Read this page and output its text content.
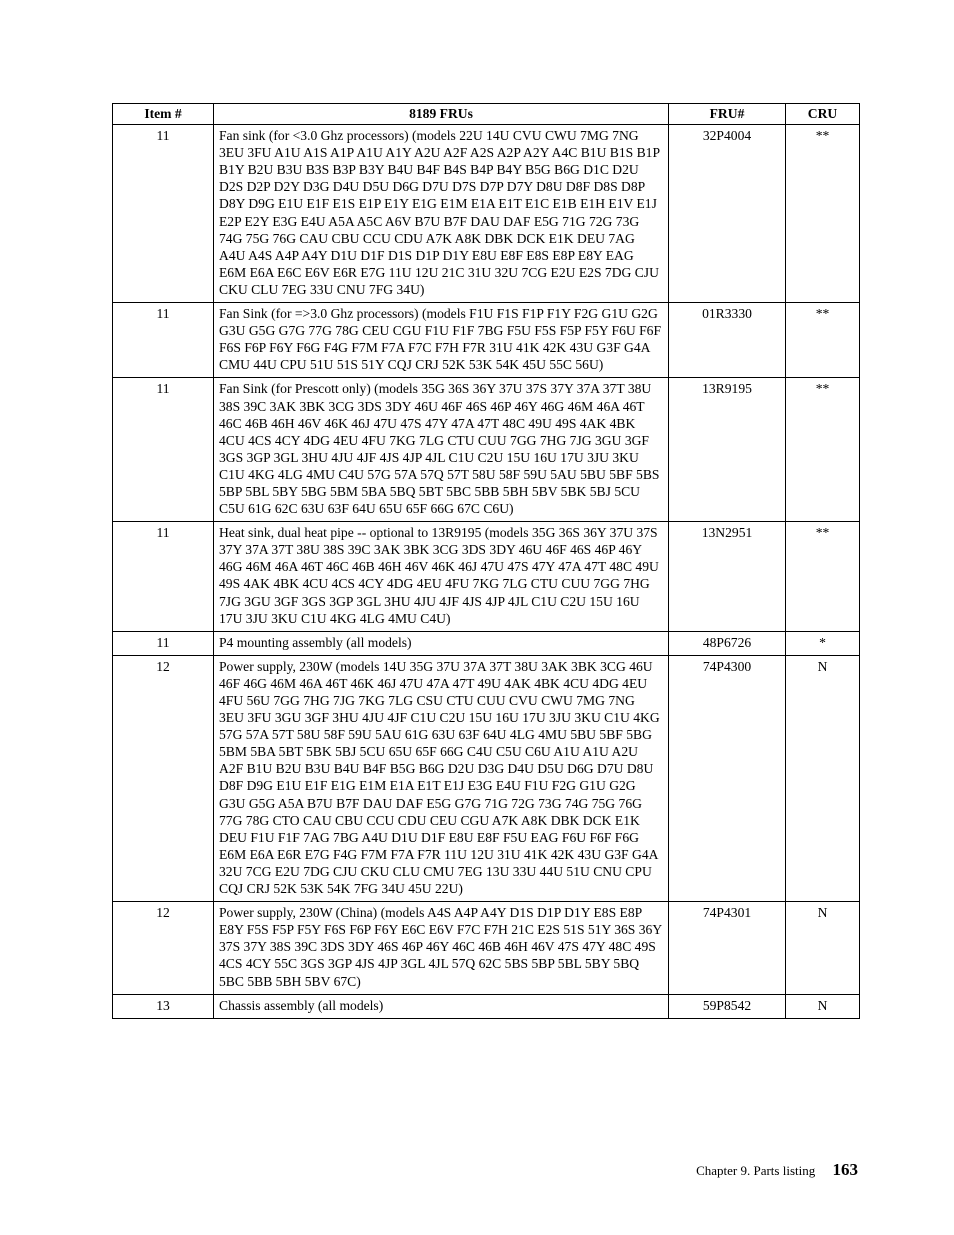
Item #	8189 FRUs	FRU#	CRU
11	Fan sink (for <3.0 Ghz processors) (models 22U 14U CVU CWU 7MG 7NG 3EU 3FU A1U A1S A1P A1U A1Y A2U A2F A2S A2P A2Y A4C B1U B1S B1P B1Y B2U B3U B3S B3P B3Y B4U B4F B4S B4P B4Y B5G B6G D1C D2U D2S D2P D2Y D3G D4U D5U D6G D7U D7S D7P D7Y D8U D8F D8S D8P D8Y D9G E1U E1F E1S E1P E1Y E1G E1M E1A E1T E1C E1B E1H E1V E1J E2P E2Y E3G E4U A5A A5C A6V B7U B7F DAU DAF E5G 71G 72G 73G 74G 75G 76G CAU CBU CCU CDU A7K A8K DBK DCK E1K DEU 7AG A4U A4S A4P A4Y D1U D1F D1S D1P D1Y E8U E8F E8S E8P E8Y EAG E6M E6A E6C E6V E6R E7G 11U 12U 21C 31U 32U 7CG E2U E2S 7DG CJU CKU CLU 7EG 33U CNU 7FG 34U)	32P4004	**
11	Fan Sink (for =>3.0 Ghz processors) (models F1U F1S F1P F1Y F2G G1U G2G G3U G5G G7G 77G 78G CEU CGU F1U F1F 7BG F5U F5S F5P F5Y F6U F6F F6S F6P F6Y F6G F4G F7M F7A F7C F7H F7R 31U 41K 42K 43U G3F G4A CMU 44U CPU 51U 51S 51Y CQJ CRJ 52K 53K 54K 45U 55C 56U)	01R3330	**
11	Fan Sink (for Prescott only) (models 35G 36S 36Y 37U 37S 37Y 37A 37T 38U 38S 39C 3AK 3BK 3CG 3DS 3DY 46U 46F 46S 46P 46Y 46G 46M 46A 46T 46C 46B 46H 46V 46K 46J 47U 47S 47Y 47A 47T 48C 49U 49S 4AK 4BK 4CU 4CS 4CY 4DG 4EU 4FU 7KG 7LG CTU CUU 7GG 7HG 7JG 3GU 3GF 3GS 3GP 3GL 3HU 4JU 4JF 4JS 4JP 4JL C1U C2U 15U 16U 17U 3JU 3KU C1U 4KG 4LG 4MU C4U 57G 57A 57Q 57T 58U 58F 59U 5AU 5BU 5BF 5BS 5BP 5BL 5BY 5BG 5BM 5BA 5BQ 5BT 5BC 5BB 5BH 5BV 5BK 5BJ 5CU C5U 61G 62C 63U 63F 64U 65U 65F 66G 67C C6U)	13R9195	**
11	Heat sink, dual heat pipe -- optional to 13R9195 (models 35G 36S 36Y 37U 37S 37Y 37A 37T 38U 38S 39C 3AK 3BK 3CG 3DS 3DY 46U 46F 46S 46P 46Y 46G 46M 46A 46T 46C 46B 46H 46V 46K 46J 47U 47S 47Y 47A 47T 48C 49U 49S 4AK 4BK 4CU 4CS 4CY 4DG 4EU 4FU 7KG 7LG CTU CUU 7GG 7HG 7JG 3GU 3GF 3GS 3GP 3GL 3HU 4JU 4JF 4JS 4JP 4JL C1U C2U 15U 16U 17U 3JU 3KU C1U 4KG 4LG 4MU C4U)	13N2951	**
11	P4 mounting assembly (all models)	48P6726	*
12	Power supply, 230W (models 14U 35G 37U 37A 37T 38U 3AK 3BK 3CG 46U 46F 46G 46M 46A 46T 46K 46J 47U 47A 47T 49U 4AK 4BK 4CU 4DG 4EU 4FU 56U 7GG 7HG 7JG 7KG 7LG CSU CTU CUU CVU CWU 7MG 7NG 3EU 3FU 3GU 3GF 3HU 4JU 4JF C1U C2U 15U 16U 17U 3JU 3KU C1U 4KG 57G 57A 57T 58U 58F 59U 5AU 61G 63U 63F 64U 4LG 4MU 5BU 5BF 5BG 5BM 5BA 5BT 5BK 5BJ 5CU 65U 65F 66G C4U C5U C6U A1U A1U A2U A2F B1U B2U B3U B4U B4F B5G B6G D2U D3G D4U D5U D6G D7U D8U D8F D9G E1U E1F E1G E1M E1A E1T E1J E3G E4U F1U F2G G1U G2G G3U G5G A5A B7U B7F DAU DAF E5G G7G 71G 72G 73G 74G 75G 76G 77G 78G CTO CAU CBU CCU CDU CEU CGU A7K A8K DBK DCK E1K DEU F1U F1F 7AG 7BG A4U D1U D1F E8U E8F F5U EAG F6U F6F F6G E6M E6A E6R E7G F4G F7M F7A F7R 11U 12U 31U 41K 42K 43U G3F G4A 32U 7CG E2U 7DG CJU CKU CLU CMU 7EG 13U 33U 44U 51U CNU CPU CQJ CRJ 52K 53K 54K 7FG 34U 45U 22U)	74P4300	N
12	Power supply, 230W (China) (models A4S A4P A4Y D1S D1P D1Y E8S E8P E8Y F5S F5P F5Y F6S F6P F6Y E6C E6V F7C F7H 21C E2S 51S 51Y 36S 36Y 37S 37Y 38S 39C 3DS 3DY 46S 46P 46Y 46C 46B 46H 46V 47S 47Y 48C 49S 4CS 4CY 55C 3GS 3GP 4JS 4JP 3GL 4JL 57Q 62C 5BS 5BP 5BL 5BY 5BQ 5BC 5BB 5BH 5BV 67C)	74P4301	N
13	Chassis assembly (all models)	59P8542	N
Chapter 9. Parts listing 163
